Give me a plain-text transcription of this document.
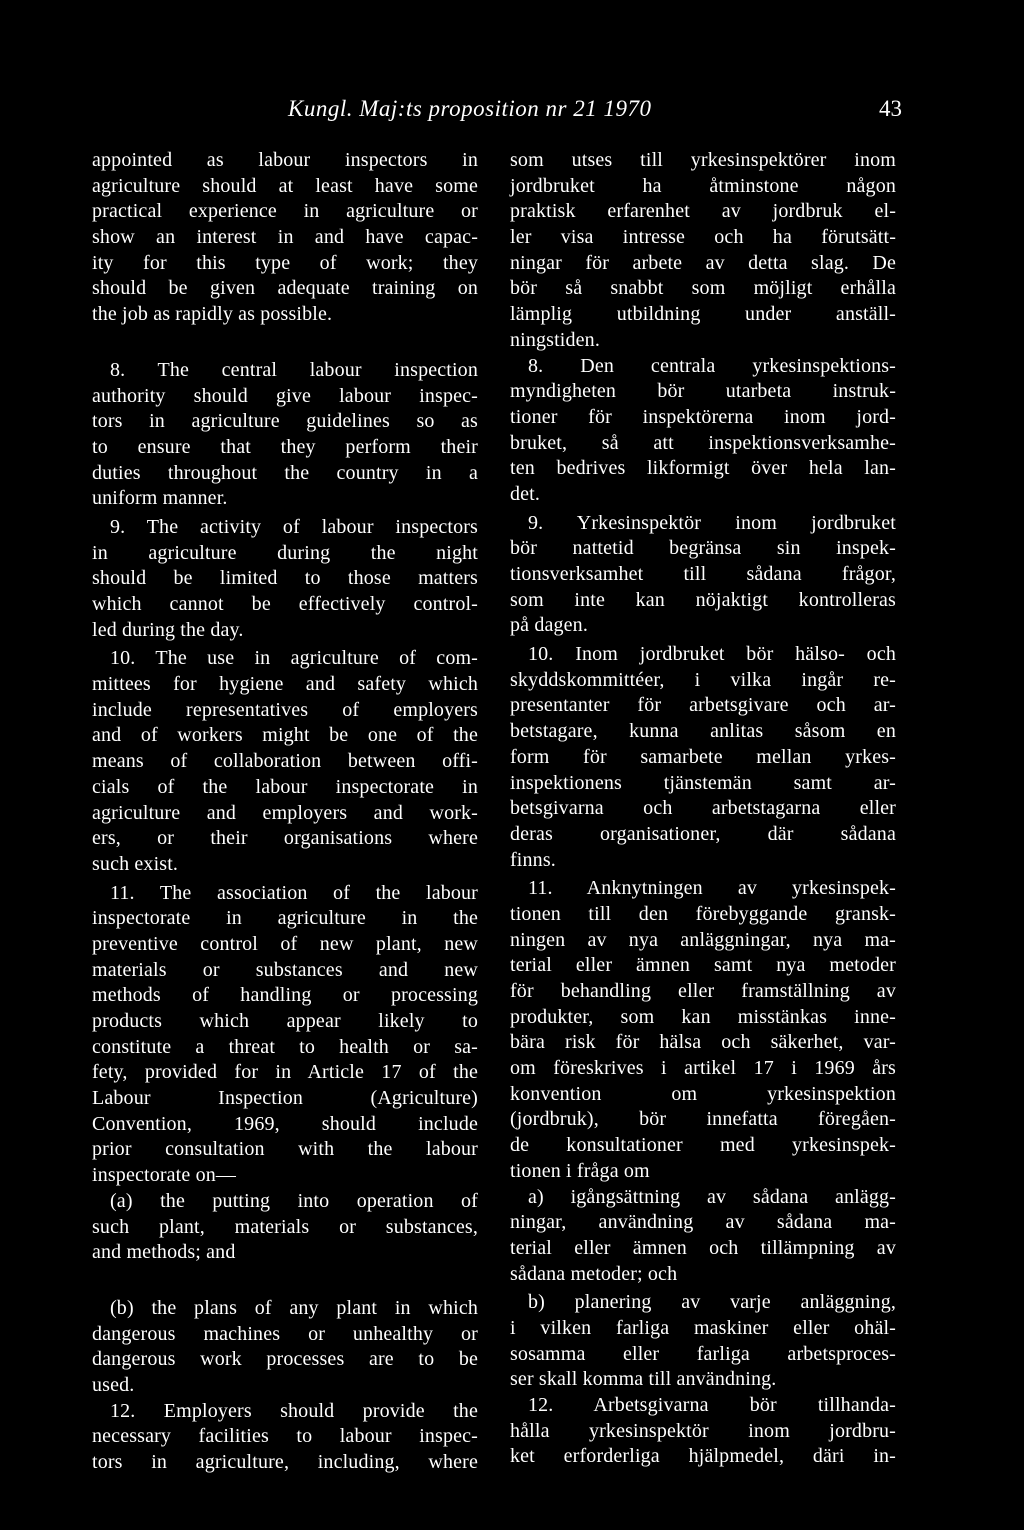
Kungl. Maj:ts proposition nr 21 1970	43
appointed as labour inspectors in
agriculture should at least have some
practical experience in agriculture or
show an interest in and have capac-
ity for this type of work; they
should be given adequate training on
the job as rapidly as possible.
8. The central labour inspection
authority should give labour inspec-
tors in agriculture guidelines so as
to ensure that they perform their
duties throughout the country in a
uniform manner.
9. The activity of labour inspectors
in agriculture during the night
should be limited to those matters
which cannot be effectively control-
led during the day.
10. The use in agriculture of com-
mittees for hygiene and safety which
include representatives of employers
and of workers might be one of the
means of collaboration between offi-
cials of the labour inspectorate in
agriculture and employers and work-
ers, or their organisations where
such exist.
11. The association of the labour
inspectorate in agriculture in the
preventive control of new plant, new
materials or substances and new
methods of handling or processing
products which appear likely to
constitute a threat to health or sa-
fety, provided for in Article 17 of the
Labour Inspection (Agriculture)
Convention, 1969, should include
prior consultation with the labour
inspectorate on—
(a) the putting into operation of
such plant, materials or substances,
and methods; and
(b) the plans of any plant in which
dangerous machines or unhealthy or
dangerous work processes are to be
used.
12. Employers should provide the
necessary facilities to labour inspec-
tors in agriculture, including, where
som utses till yrkesinspektörer inom
jordbruket ha åtminstone någon
praktisk erfarenhet av jordbruk el-
ler visa intresse och ha förutsätt-
ningar för arbete av detta slag. De
bör så snabbt som möjligt erhålla
lämplig utbildning under anställ-
ningstiden.
8. Den centrala yrkesinspektions-
myndigheten bör utarbeta instruk-
tioner för inspektörerna inom jord-
bruket, så att inspektionsverksamhe-
ten bedrives likformigt över hela lan-
det.
9. Yrkesinspektör inom jordbruket
bör nattetid begränsa sin inspek-
tionsverksamhet till sådana frågor,
som inte kan nöjaktigt kontrolleras
på dagen.
10. Inom jordbruket bör hälso- och
skyddskommittéer, i vilka ingår re-
presentanter för arbetsgivare och ar-
betstagare, kunna anlitas såsom en
form för samarbete mellan yrkes-
inspektionens tjänstemän samt ar-
betsgivarna och arbetstagarna eller
deras organisationer, där sådana
finns.
11. Anknytningen av yrkesinspek-
tionen till den förebyggande gransk-
ningen av nya anläggningar, nya ma-
terial eller ämnen samt nya metoder
för behandling eller framställning av
produkter, som kan misstänkas inne-
bära risk för hälsa och säkerhet, var-
om föreskrives i artikel 17 i 1969 års
konvention om yrkesinspektion
(jordbruk), bör innefatta föregåen-
de konsultationer med yrkesinspek-
tionen i fråga om
a) igångsättning av sådana anlägg-
ningar, användning av sådana ma-
terial eller ämnen och tillämpning av
sådana metoder; och
b) planering av varje anläggning,
i vilken farliga maskiner eller ohäl-
sosamma eller farliga arbetsproces-
ser skall komma till användning.
12. Arbetsgivarna bör tillhanda-
hålla yrkesinspektör inom jordbru-
ket erforderliga hjälpmedel, däri in-
